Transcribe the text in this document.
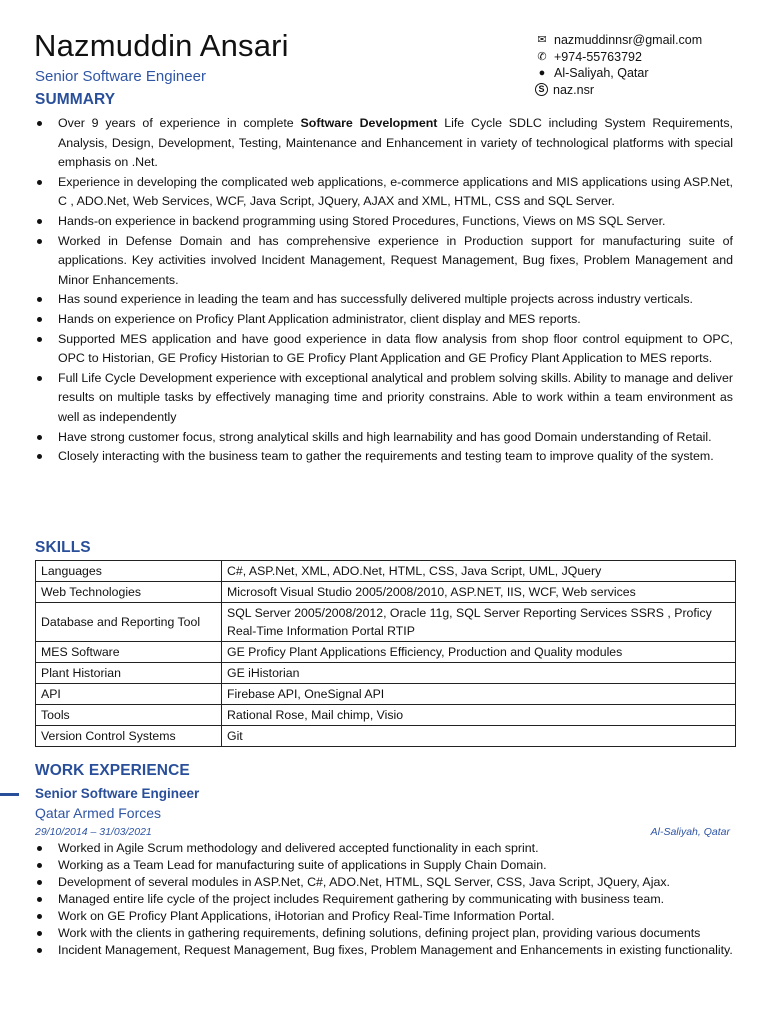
Nazmuddin Ansari
Senior Software Engineer
✉ nazmuddinnsr@gmail.com
✆ +974-55763792
● Al-Saliyah, Qatar
S naz.nsr
SUMMARY
Over 9 years of experience in complete Software Development Life Cycle SDLC including System Requirements, Analysis, Design, Development, Testing, Maintenance and Enhancement in variety of technological platforms with special emphasis on .Net.
Experience in developing the complicated web applications, e-commerce applications and MIS applications using ASP.Net, C , ADO.Net, Web Services, WCF, Java Script, JQuery, AJAX and XML, HTML, CSS and SQL Server.
Hands-on experience in backend programming using Stored Procedures, Functions, Views on MS SQL Server.
Worked in Defense Domain and has comprehensive experience in Production support for manufacturing suite of applications. Key activities involved Incident Management, Request Management, Bug fixes, Problem Management and Minor Enhancements.
Has sound experience in leading the team and has successfully delivered multiple projects across industry verticals.
Hands on experience on Proficy Plant Application administrator, client display and MES reports.
Supported MES application and have good experience in data flow analysis from shop floor control equipment to OPC, OPC to Historian, GE Proficy Historian to GE Proficy Plant Application and GE Proficy Plant Application to MES reports.
Full Life Cycle Development experience with exceptional analytical and problem solving skills. Ability to manage and deliver results on multiple tasks by effectively managing time and priority constrains. Able to work within a team environment as well as independently
Have strong customer focus, strong analytical skills and high learnability and has good Domain understanding of Retail.
Closely interacting with the business team to gather the requirements and testing team to improve quality of the system.
SKILLS
Languages	C#, ASP.Net, XML, ADO.Net, HTML, CSS, Java Script, UML, JQuery
Web Technologies	Microsoft Visual Studio 2005/2008/2010, ASP.NET, IIS, WCF, Web services
Database and Reporting Tool	SQL Server 2005/2008/2012, Oracle 11g, SQL Server Reporting Services SSRS , Proficy Real-Time Information Portal RTIP
MES Software	GE Proficy Plant Applications Efficiency, Production and Quality modules
Plant Historian	GE iHistorian
API	Firebase API, OneSignal API
Tools	Rational Rose, Mail chimp, Visio
Version Control Systems	Git
WORK EXPERIENCE
Senior Software Engineer
Qatar Armed Forces
29/10/2014 – 31/03/2021	Al-Saliyah, Qatar
Worked in Agile Scrum methodology and delivered accepted functionality in each sprint.
Working as a Team Lead for manufacturing suite of applications in Supply Chain Domain.
Development of several modules in ASP.Net, C#, ADO.Net, HTML, SQL Server, CSS, Java Script, JQuery, Ajax.
Managed entire life cycle of the project includes Requirement gathering by communicating with business team.
Work on GE Proficy Plant Applications, iHotorian and Proficy Real-Time Information Portal.
Work with the clients in gathering requirements, defining solutions, defining project plan, providing various documents
Incident Management, Request Management, Bug fixes, Problem Management and Enhancements in existing functionality.
